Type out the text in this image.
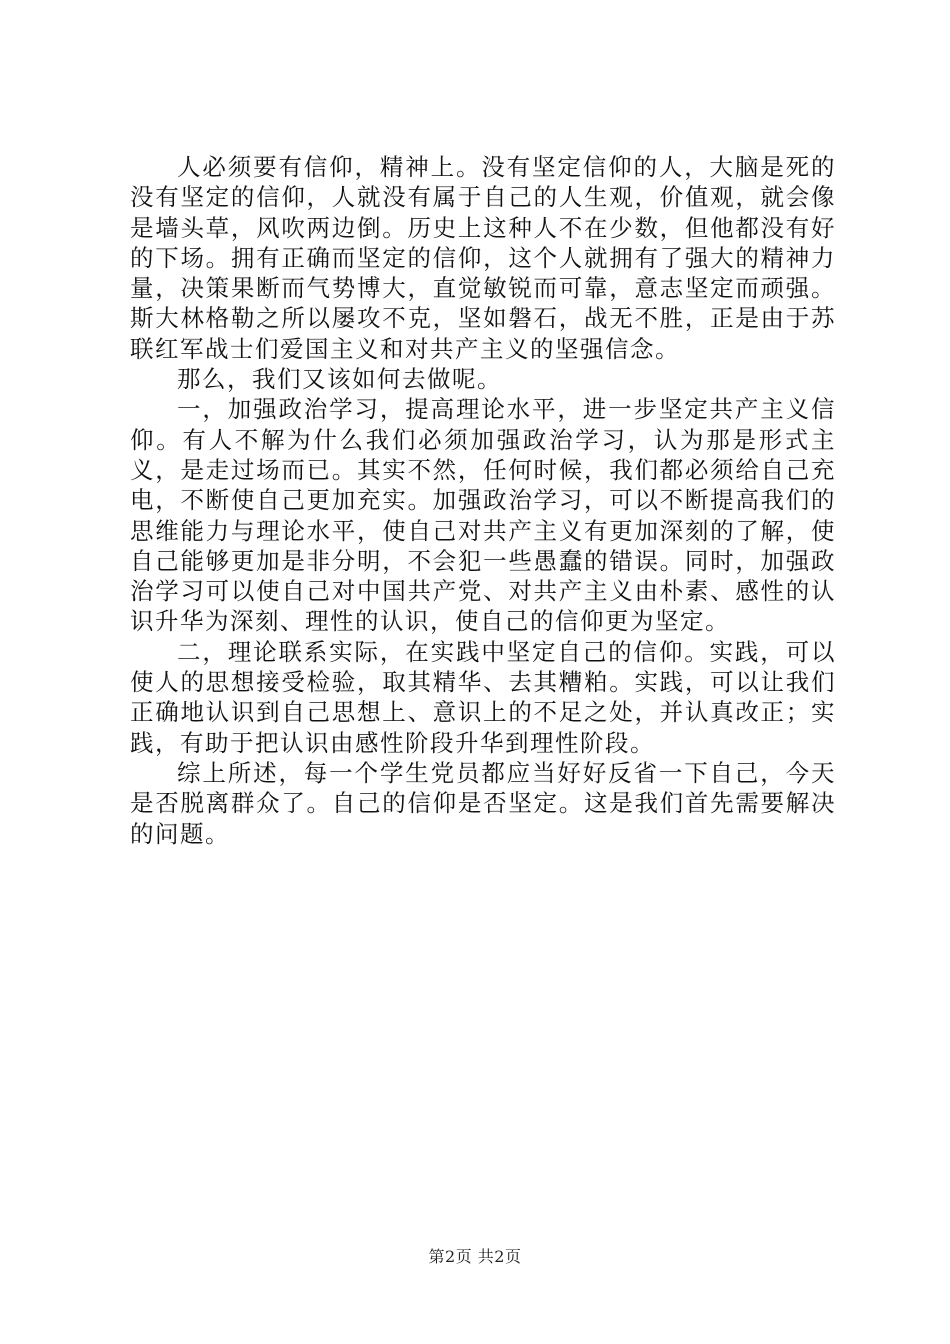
人必须要有信仰，精神上。没有坚定信仰的人，大脑是死的没有坚定的信仰，人就没有属于自己的人生观，价值观，就会像是墙头草，风吹两边倒。历史上这种人不在少数，但他都没有好的下场。拥有正确而坚定的信仰，这个人就拥有了强大的精神力量，决策果断而气势博大，直觉敏锐而可靠，意志坚定而顽强。斯大林格勒之所以屡攻不克，坚如磐石，战无不胜，正是由于苏联红军战士们爱国主义和对共产主义的坚强信念。

那么，我们又该如何去做呢。

一，加强政治学习，提高理论水平，进一步坚定共产主义信仰。有人不解为什么我们必须加强政治学习，认为那是形式主义，是走过场而已。其实不然，任何时候，我们都必须给自己充电，不断使自己更加充实。加强政治学习，可以不断提高我们的思维能力与理论水平，使自己对共产主义有更加深刻的了解，使自己能够更加是非分明，不会犯一些愚蠢的错误。同时，加强政治学习可以使自己对中国共产党、对共产主义由朴素、感性的认识升华为深刻、理性的认识，使自己的信仰更为坚定。

二，理论联系实际，在实践中坚定自己的信仰。实践，可以使人的思想接受检验，取其精华、去其糟粕。实践，可以让我们正确地认识到自己思想上、意识上的不足之处，并认真改正；实践，有助于把认识由感性阶段升华到理性阶段。

综上所述，每一个学生党员都应当好好反省一下自己，今天是否脱离群众了。自己的信仰是否坚定。这是我们首先需要解决的问题。

第2页 共2页
